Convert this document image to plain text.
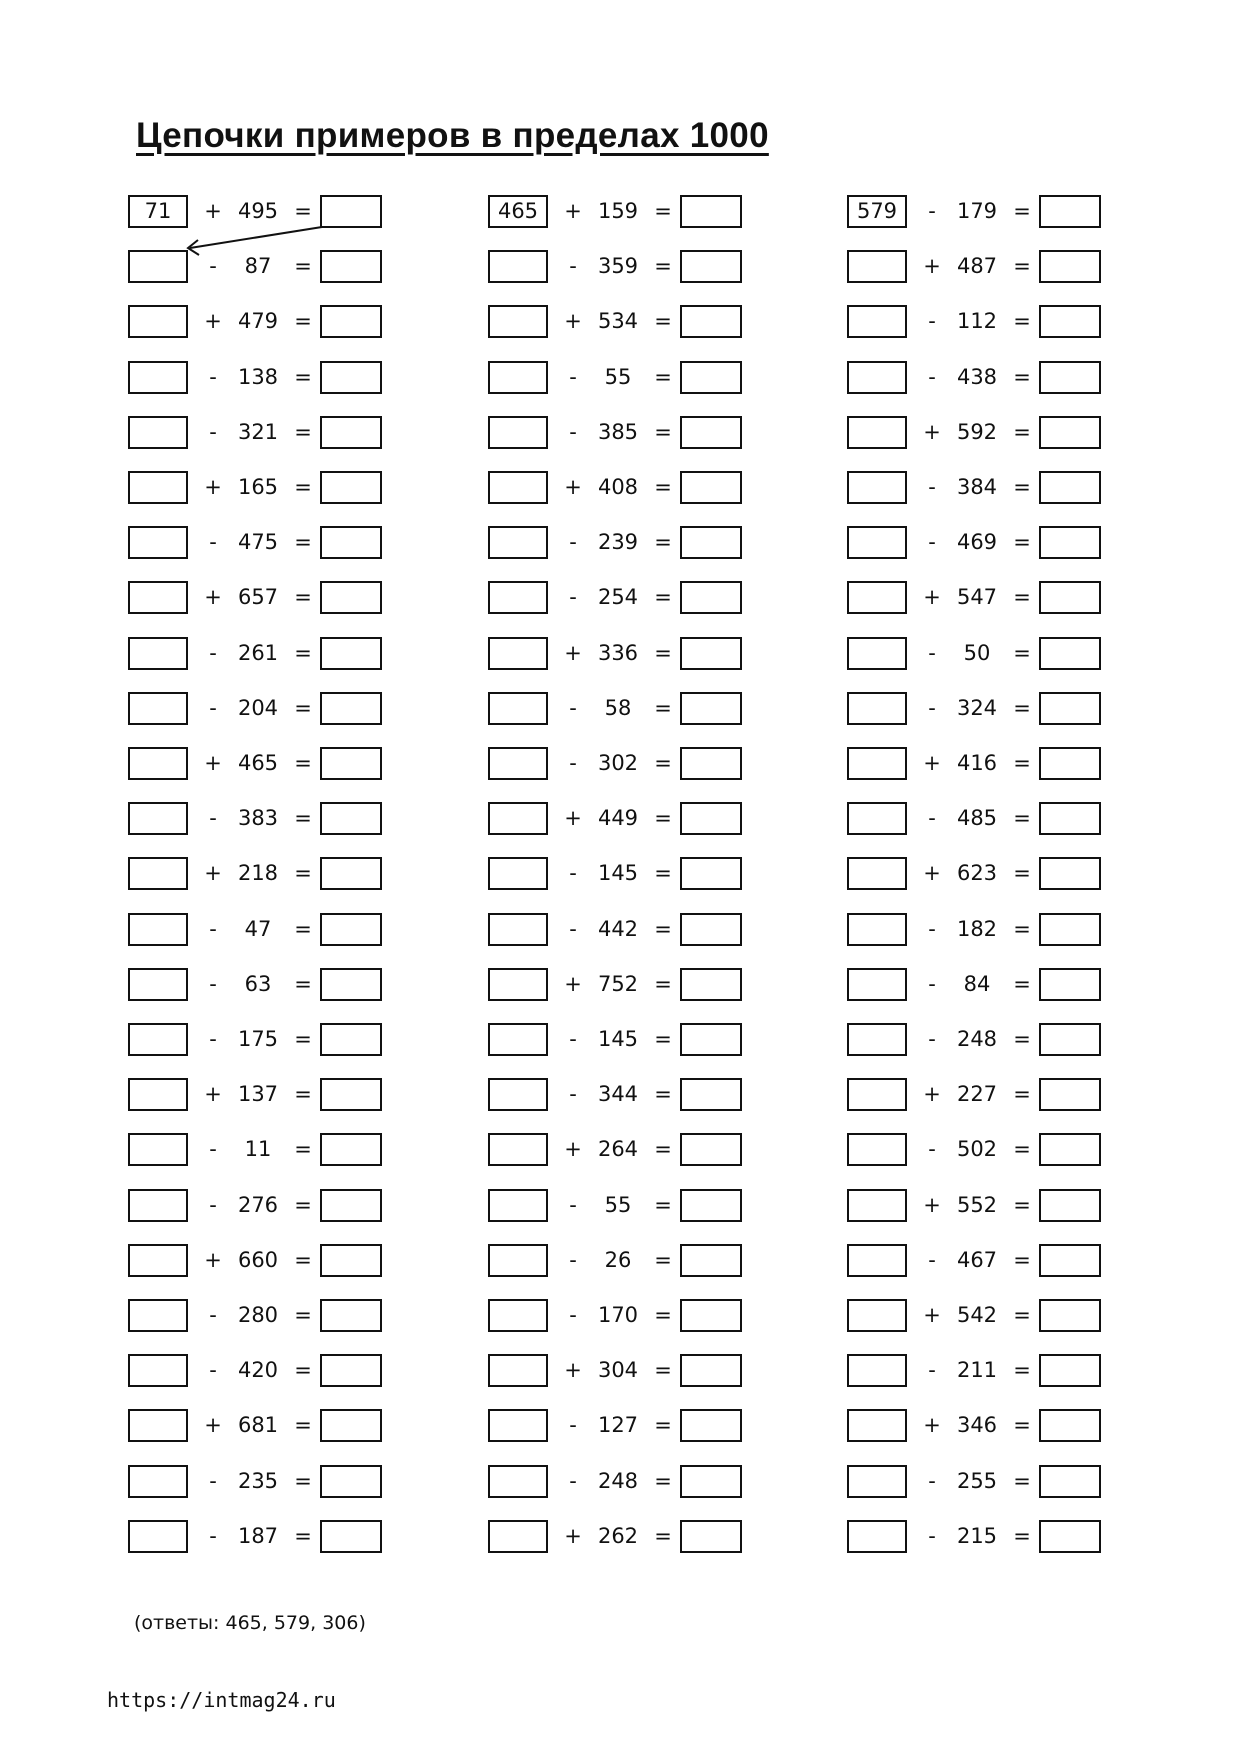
Цепочки примеров в пределах 1000
71	+ 495 =
-	87	=
+ 479 =
-	138 =
-	321 =
+ 165 =
-	475 =
+ 657 =
-	261 =
-	204 =
+ 465 =
-	383 =
+ 218 =
-	47	=
-	63	=
-	175 =
+ 137 =
-	11	=
-	276 =
+ 660 =
-	280 =
-	420 =
+ 681 =
-	235 =
-	187 =
465	+ 159 =
-	359 =
+ 534 =
-	55	=
-	385 =
+ 408 =
-	239 =
-	254 =
+ 336 =
-	58	=
-	302 =
+ 449 =
-	145 =
-	442 =
+ 752 =
-	145 =
-	344 =
+ 264 =
-	55	=
-	26	=
-	170 =
+ 304 =
-	127 =
-	248 =
+ 262 =
579	-	179 =
+ 487 =
-	112 =
-	438 =
+ 592 =
-	384 =
-	469 =
+ 547 =
-	50	=
-	324 =
+ 416 =
-	485 =
+ 623 =
-	182 =
-	84	=
-	248 =
+ 227 =
-	502 =
+ 552 =
-	467 =
+ 542 =
-	211 =
+ 346 =
-	255 =
-	215 =
(ответы: 465, 579, 306)
https://intmag24.ru
